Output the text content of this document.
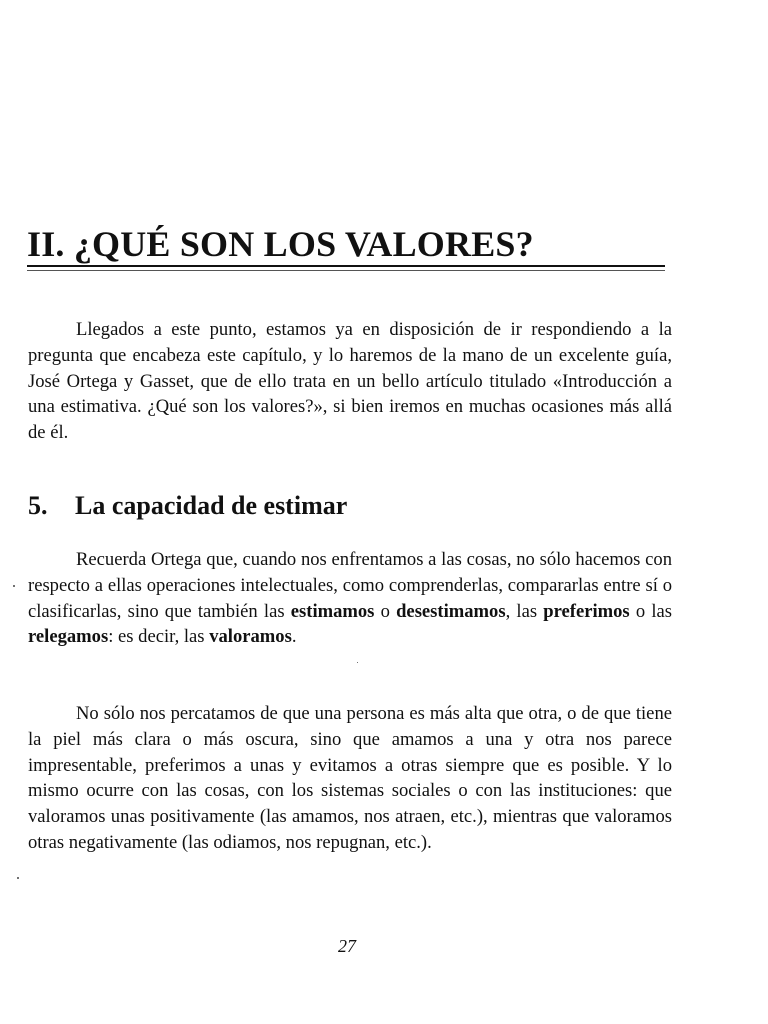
II. ¿QUÉ SON LOS VALORES?

Llegados a este punto, estamos ya en disposición de ir respondiendo a la pregunta que encabeza este capítulo, y lo haremos de la mano de un excelente guía, José Ortega y Gasset, que de ello trata en un bello artículo titulado «Introducción a una estimativa. ¿Qué son los valores?», si bien iremos en muchas ocasiones más allá de él.

5. La capacidad de estimar

Recuerda Ortega que, cuando nos enfrentamos a las cosas, no sólo hacemos con respecto a ellas operaciones intelectuales, como comprenderlas, compararlas entre sí o clasificarlas, sino que también las estimamos o desestimamos, las preferimos o las relegamos: es decir, las valoramos.

No sólo nos percatamos de que una persona es más alta que otra, o de que tiene la piel más clara o más oscura, sino que amamos a una y otra nos parece impresentable, preferimos a unas y evitamos a otras siempre que es posible. Y lo mismo ocurre con las cosas, con los sistemas sociales o con las instituciones: que valoramos unas positivamente (las amamos, nos atraen, etc.), mientras que valoramos otras negativamente (las odiamos, nos repugnan, etc.).

27
